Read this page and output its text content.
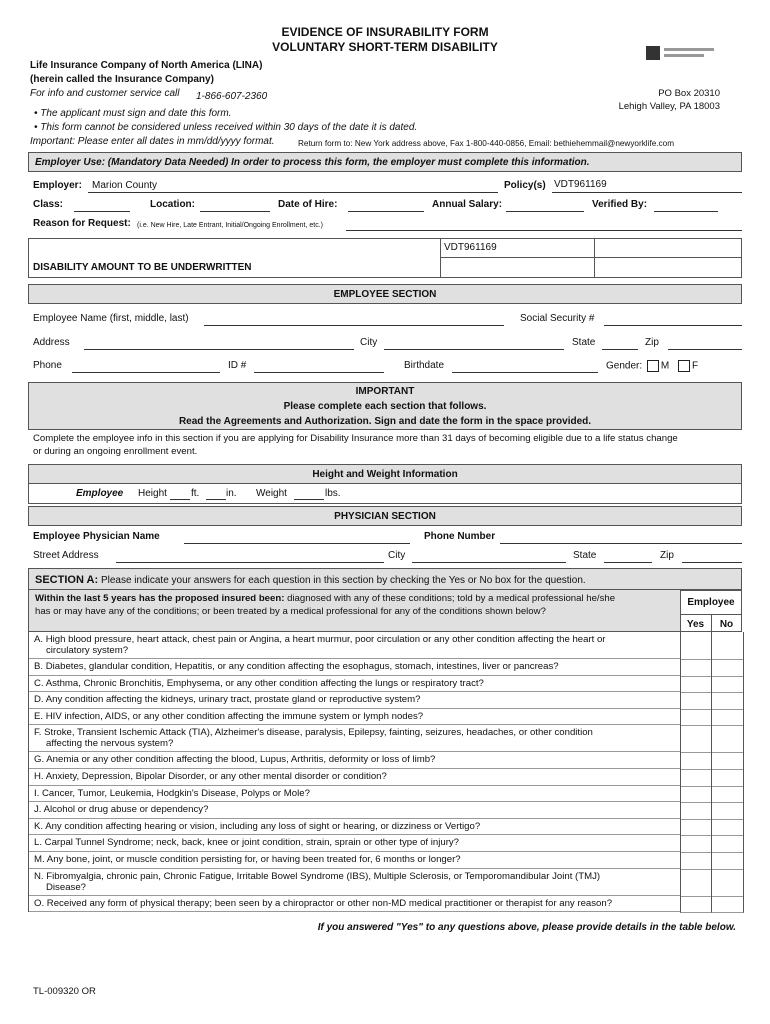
EVIDENCE OF INSURABILITY FORM
VOLUNTARY SHORT-TERM DISABILITY
Life Insurance Company of North America (LINA)
(herein called the Insurance Company)
For info and customer service call 1-866-607-2360
• The applicant must sign and date this form.
• This form cannot be considered unless received within 30 days of the date it is dated.
Important: Please enter all dates in mm/dd/yyyy format.	Return form to: New York address above, Fax 1-800-440-0856, Email: bethiehemmail@newyorklife.com
PO Box 20310
Lehigh Valley, PA 18003
Employer Use: (Mandatory Data Needed) In order to process this form, the employer must complete this information.
Employer: Marion County	Policy(s) VDT961169
Class:	Location:	Date of Hire:	Annual Salary:	Verified By:
Reason for Request: (i.e. New Hire, Late Entrant, Initial/Ongoing Enrollment, etc.)
VDT961169
DISABILITY AMOUNT TO BE UNDERWRITTEN
EMPLOYEE SECTION
Employee Name (first, middle, last)	Social Security #
Address	City	State	Zip
Phone	ID #	Birthdate	Gender: M F
IMPORTANT
Please complete each section that follows.
Read the Agreements and Authorization. Sign and date the form in the space provided.
Complete the employee info in this section if you are applying for Disability Insurance more than 31 days of becoming eligible due to a life status change
or during an ongoing enrollment event.
Height and Weight Information
Employee Height ft.	in. Weight	lbs.
PHYSICIAN SECTION
Employee Physician Name	Phone Number
Street Address	City	State	Zip
SECTION A: Please indicate your answers for each question in this section by checking the Yes or No box for the question.
Within the last 5 years has the proposed insured been: diagnosed with any of these conditions; told by a medical professional he/she
has or may have any of the conditions; or been treated by a medical professional for any of the conditions shown below?
Employee
Yes	No
A. High blood pressure, heart attack, chest pain or Angina, a heart murmur, poor circulation or any other condition affecting the heart or
circulatory system?
B. Diabetes, glandular condition, Hepatitis, or any condition affecting the esophagus, stomach, intestines, liver or pancreas?
C. Asthma, Chronic Bronchitis, Emphysema, or any other condition affecting the lungs or respiratory tract?
D. Any condition affecting the kidneys, urinary tract, prostate gland or reproductive system?
E. HIV infection, AIDS, or any other condition affecting the immune system or lymph nodes?
F. Stroke, Transient Ischemic Attack (TIA), Alzheimer's disease, paralysis, Epilepsy, fainting, seizures, headaches, or other condition
affecting the nervous system?
G. Anemia or any other condition affecting the blood, Lupus, Arthritis, deformity or loss of limb?
H. Anxiety, Depression, Bipolar Disorder, or any other mental disorder or condition?
I. Cancer, Tumor, Leukemia, Hodgkin's Disease, Polyps or Mole?
J. Alcohol or drug abuse or dependency?
K. Any condition affecting hearing or vision, including any loss of sight or hearing, or dizziness or Vertigo?
L. Carpal Tunnel Syndrome; neck, back, knee or joint condition, strain, sprain or other type of injury?
M. Any bone, joint, or muscle condition persisting for, or having been treated for, 6 months or longer?
N. Fibromyalgia, chronic pain, Chronic Fatigue, Irritable Bowel Syndrome (IBS), Multiple Sclerosis, or Temporomandibular Joint (TMJ)
Disease?
O. Received any form of physical therapy; been seen by a chiropractor or other non-MD medical practitioner or therapist for any reason?
If you answered "Yes" to any questions above, please provide details in the table below.
TL-009320 OR
